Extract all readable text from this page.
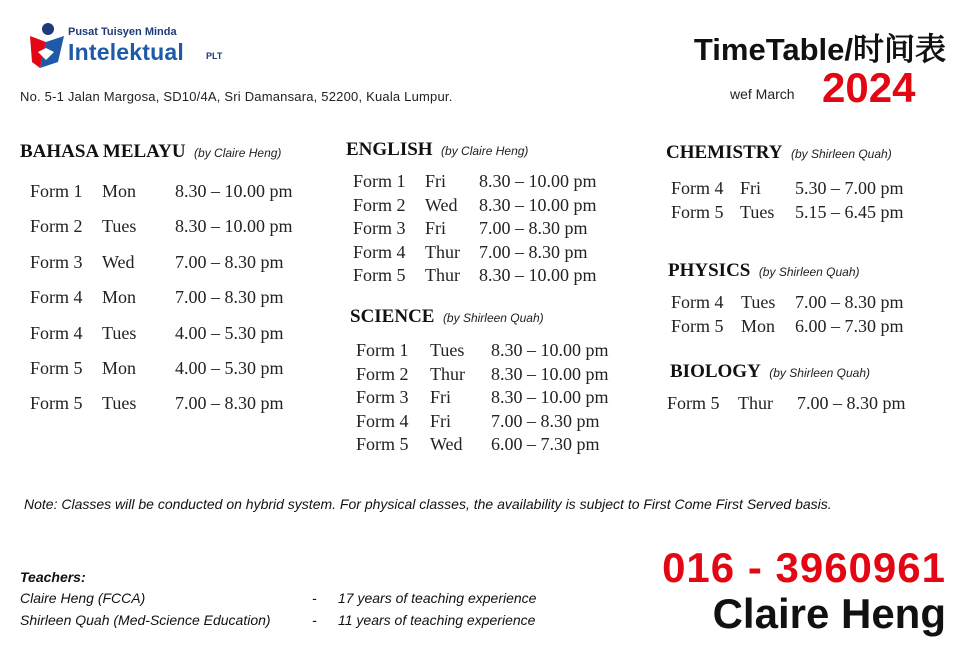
Pusat Tuisyen Minda
Intelektual PLT
No. 5-1 Jalan Margosa, SD10/4A, Sri Damansara, 52200, Kuala Lumpur.
TimeTable/时间表
wef March 2024
BAHASA MELAYU (by Claire Heng)
Form 1 Mon 8.30 – 10.00 pm
Form 2 Tues 8.30 – 10.00 pm
Form 3 Wed 7.00 – 8.30 pm
Form 4 Mon 7.00 – 8.30 pm
Form 4 Tues 4.00 – 5.30 pm
Form 5 Mon 4.00 – 5.30 pm
Form 5 Tues 7.00 – 8.30 pm
ENGLISH (by Claire Heng)
Form 1 Fri 8.30 – 10.00 pm
Form 2 Wed 8.30 – 10.00 pm
Form 3 Fri 7.00 – 8.30 pm
Form 4 Thur 7.00 – 8.30 pm
Form 5 Thur 8.30 – 10.00 pm
SCIENCE (by Shirleen Quah)
Form 1 Tues 8.30 – 10.00 pm
Form 2 Thur 8.30 – 10.00 pm
Form 3 Fri 8.30 – 10.00 pm
Form 4 Fri 7.00 – 8.30 pm
Form 5 Wed 6.00 – 7.30 pm
CHEMISTRY (by Shirleen Quah)
Form 4 Fri 5.30 – 7.00 pm
Form 5 Tues 5.15 – 6.45 pm
PHYSICS (by Shirleen Quah)
Form 4 Tues 7.00 – 8.30 pm
Form 5 Mon 6.00 – 7.30 pm
BIOLOGY (by Shirleen Quah)
Form 5 Thur 7.00 – 8.30 pm
Note: Classes will be conducted on hybrid system. For physical classes, the availability is subject to First Come First Served basis.
Teachers:
Claire Heng (FCCA)	- 17 years of teaching experience
Shirleen Quah (Med-Science Education)	- 11 years of teaching experience
016 - 3960961
Claire Heng
